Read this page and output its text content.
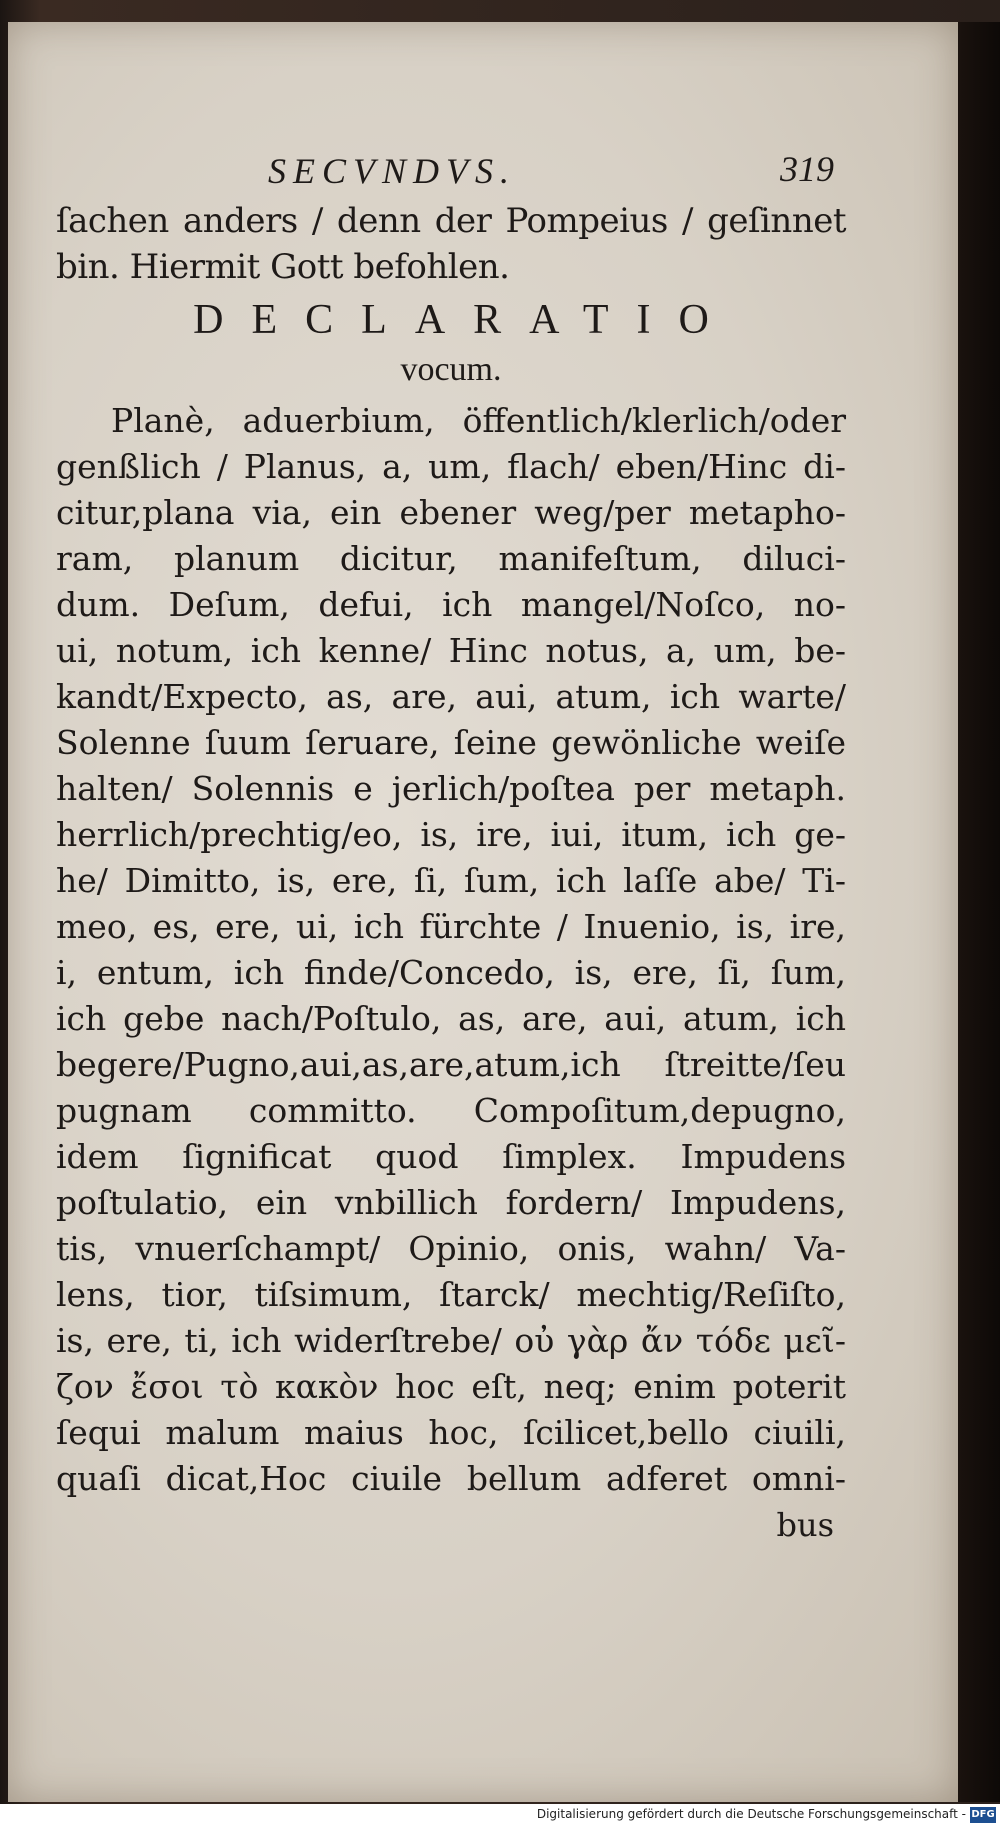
SECVNDVS.	319
ſachen anders / denn der Pompeius / geſinnet
bin. Hiermit Gott befohlen.
DECLARATIO
vocum.
Planè, aduerbium, öffentlich/klerlich/oder
genßlich / Planus, a, um, flach/ eben/Hinc di-
citur,plana via, ein ebener weg/per metapho-
ram, planum dicitur, manifeſtum, diluci-
dum. Deſum, defui, ich mangel/Noſco, no-
ui, notum, ich kenne/ Hinc notus, a, um, be-
kandt/Expecto, as, are, aui, atum, ich warte/
Solenne ſuum ſeruare, ſeine gewönliche weiſe
halten/ Solennis e jerlich/poſtea per metaph.
herrlich/prechtig/eo, is, ire, iui, itum, ich ge-
he/ Dimitto, is, ere, ſi, ſum, ich laſſe abe/ Ti-
meo, es, ere, ui, ich fürchte / Inuenio, is, ire,
i, entum, ich finde/Concedo, is, ere, ſi, ſum,
ich gebe nach/Poſtulo, as, are, aui, atum, ich
begere/Pugno,aui,as,are,atum,ich ſtreitte/ſeu
pugnam committo. Compoſitum,depugno,
idem ſignificat quod ſimplex. Impudens
poſtulatio, ein vnbillich fordern/ Impudens,
tis, vnuerſchampt/ Opinio, onis, wahn/ Va-
lens, tior, tiſsimum, ſtarck/ mechtig/Reſiſto,
is, ere, ti, ich widerſtrebe/ οὐ γὰρ ἄν τόδε μεῖ-
ζον ἔσοι τὸ κακὸν hoc eſt, neq; enim poterit
ſequi malum maius hoc, ſcilicet,bello ciuili,
quaſi dicat,Hoc ciuile bellum adferet omni-
bus
Digitalisierung gefördert durch die Deutsche Forschungsgemeinschaft - DFG
